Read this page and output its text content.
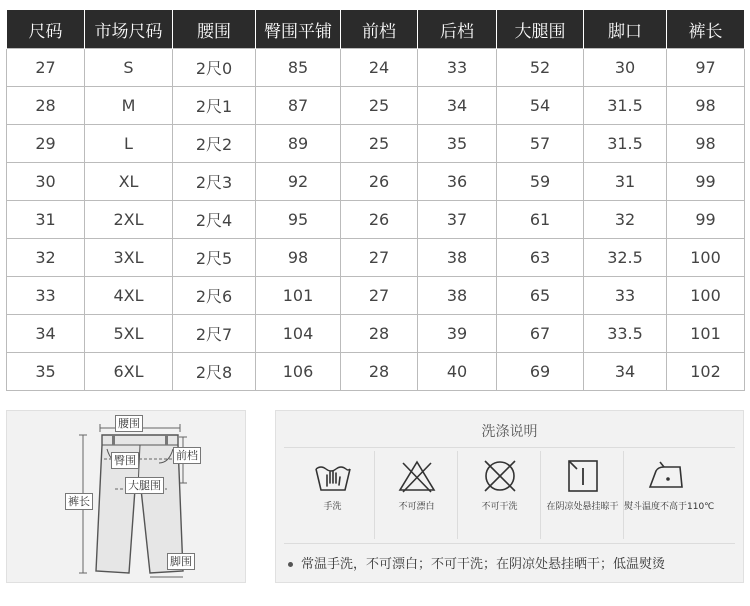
尺码	市场尺码	腰围	臀围平铺	前档	后档	大腿围	脚口	裤长
27	S	2尺0	85	24	33	52	30	97
28	M	2尺1	87	25	34	54	31.5	98
29	L	2尺2	89	25	35	57	31.5	98
30	XL	2尺3	92	26	36	59	31	99
31	2XL	2尺4	95	26	37	61	32	99
32	3XL	2尺5	98	27	38	63	32.5	100
33	4XL	2尺6	101	27	38	65	33	100
34	5XL	2尺7	104	28	39	67	33.5	101
35	6XL	2尺8	106	28	40	69	34	102
腰围
臀围	前档
大腿围
裤长
脚围
洗涤说明
手洗	不可漂白	不可干洗	在阴凉处悬挂晾干 熨斗温度不高于110℃
常温手洗，不可漂白；不可干洗；在阴凉处悬挂晒干；低温熨烫
